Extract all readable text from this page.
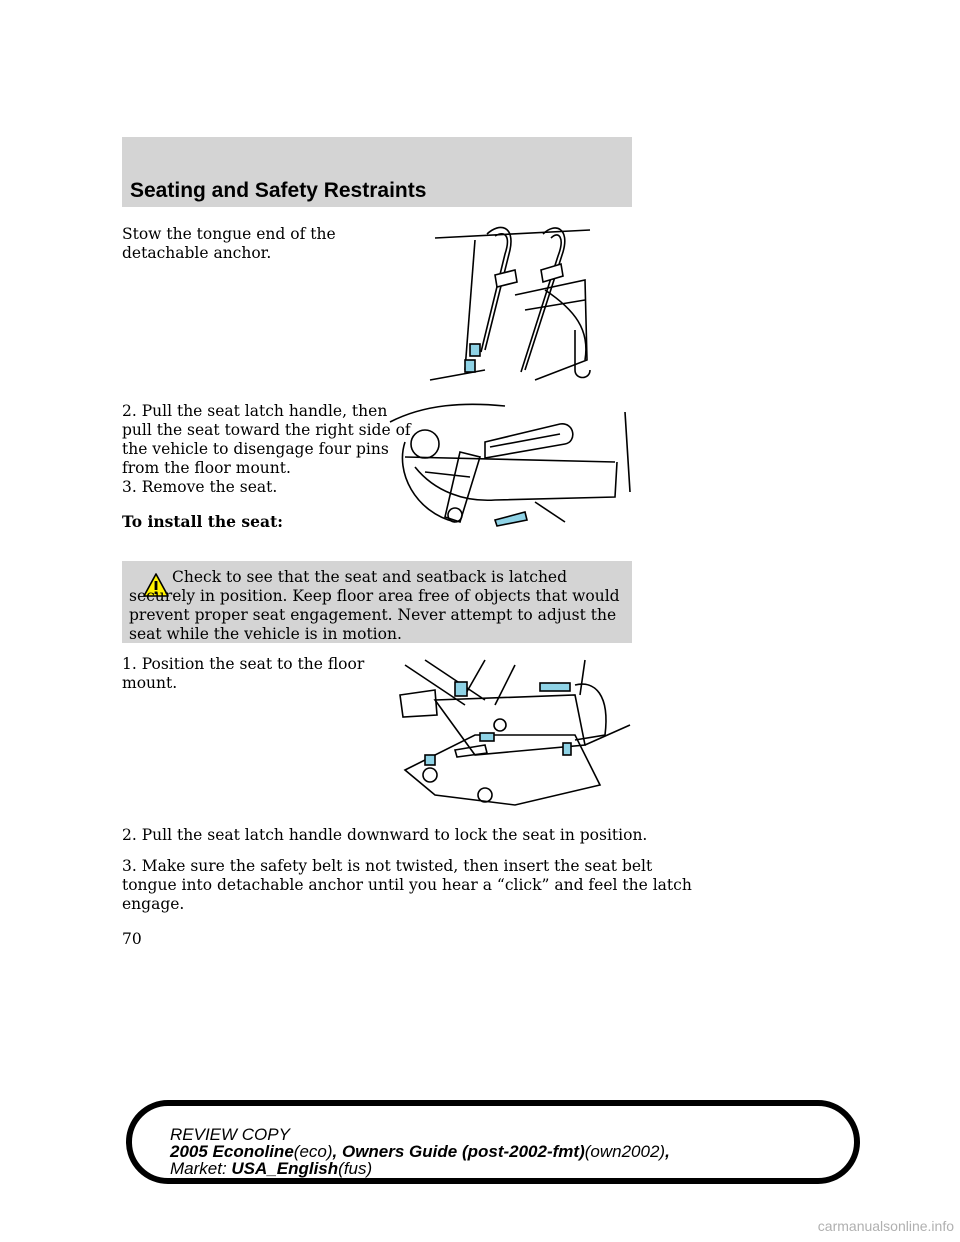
Seating and Safety Restraints
Stow the tongue end of the
detachable anchor.
2. Pull the seat latch handle, then
pull the seat toward the right side of
the vehicle to disengage four pins
from the floor mount.
3. Remove the seat.
To install the seat:

Check to see that the seat and seatback is latched securely in position. Keep floor area free of objects that would prevent proper seat engagement. Never attempt to adjust the seat while the vehicle is in motion.

1. Position the seat to the floor
mount.
2. Pull the seat latch handle downward to lock the seat in position.
3. Make sure the safety belt is not twisted, then insert the seat belt
tongue into detachable anchor until you hear a “click” and feel the latch
engage.
70
REVIEW COPY
2005 Econoline(eco), Owners Guide (post-2002-fmt)(own2002),
Market: USA_English(fus)
carmanualsonline.info
